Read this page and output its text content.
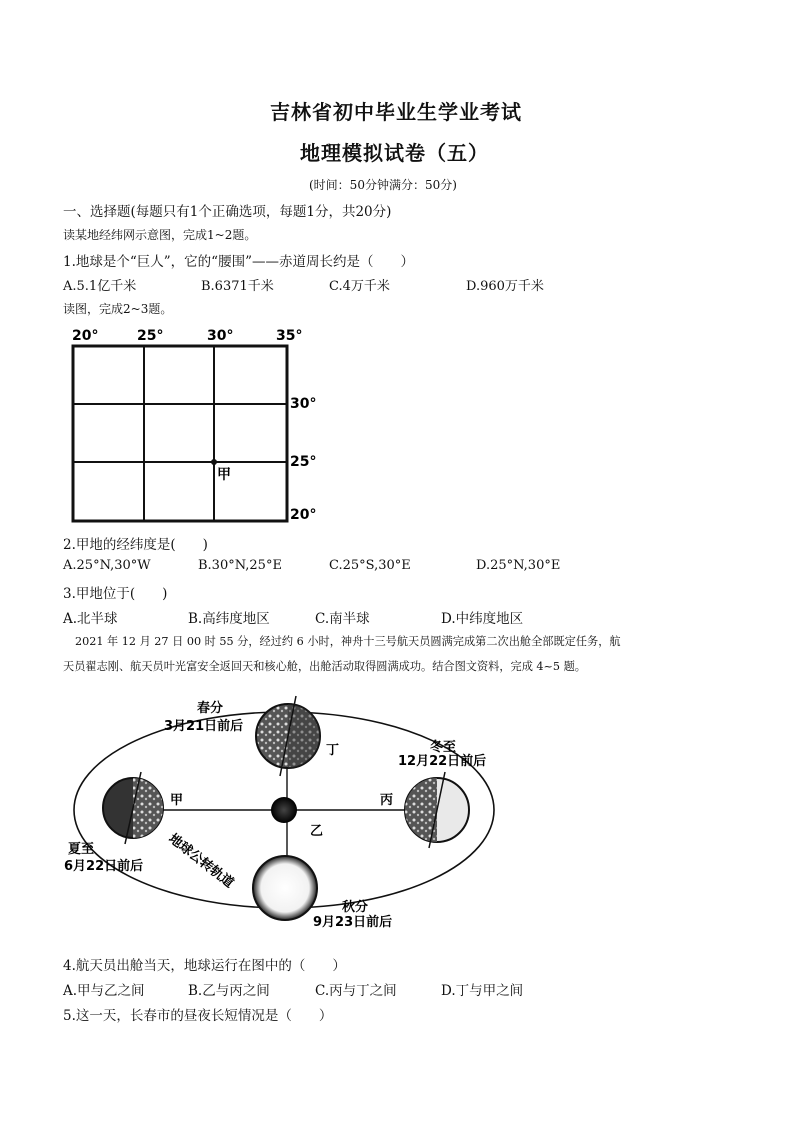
吉林省初中毕业生学业考试
地理模拟试卷（五）
(时间：50分钟满分：50分)
一、选择题(每题只有1个正确选项，每题1分，共20分)
读某地经纬网示意图，完成1~2题。
1.地球是个“巨人”，它的“腰围”——赤道周长约是（　　）
A.5.1亿千米	B.6371千米	C.4万千米	D.960万千米
读图，完成2~3题。
20°	25°	30°	35°
30°
25°
20°
甲
2.甲地的经纬度是(　　)
A.25°N,30°W	B.30°N,25°E	C.25°S,30°E	D.25°N,30°E
3.甲地位于(　　)
A.北半球	B.高纬度地区	C.南半球	D.中纬度地区
2021 年 12 月 27 日 00 时 55 分，经过约 6 小时，神舟十三号航天员圆满完成第二次出舱全部既定任务，航
天员翟志刚、航天员叶光富安全返回天和核心舱，出舱活动取得圆满成功。结合图文资料，完成 4~5 题。
春分
3月21日前后
冬至
12月22日前后
夏至
6月22日前后
秋分
9月23日前后
地球公转轨道
甲
乙
丙
丁
4.航天员出舱当天，地球运行在图中的（　　）
A.甲与乙之间	B.乙与丙之间	C.丙与丁之间	D.丁与甲之间
5.这一天，长春市的昼夜长短情况是（　　）
